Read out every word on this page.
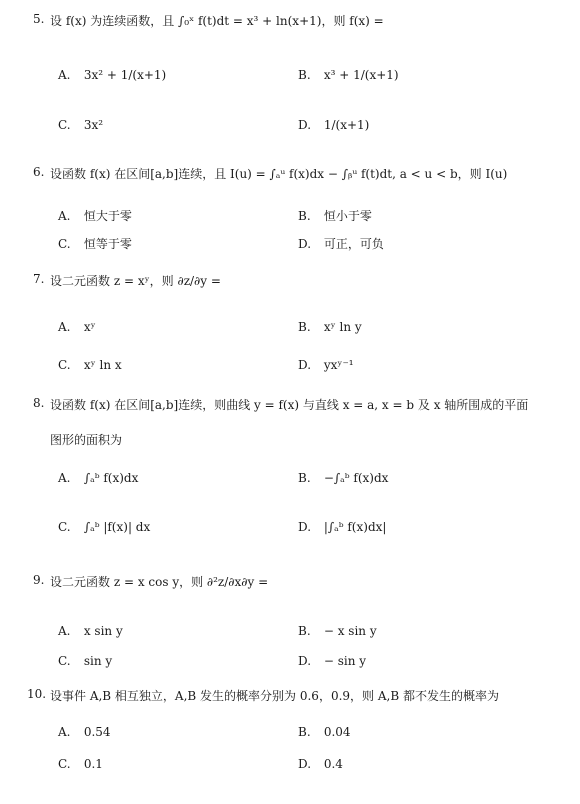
5. 设 f(x) 为连续函数，且 ∫₀ˣ f(t)dt = x³ + ln(x+1)，则 f(x) =
A. 3x² + 1/(x+1)	B. x³ + 1/(x+1)
C. 3x²	D. 1/(x+1)
6. 设函数 f(x) 在区间[a,b]连续，且 I(u) = ∫ₐᵘ f(x)dx − ∫ᵦᵘ f(t)dt, a < u < b，则 I(u)
A. 恒大于零	B. 恒小于零
C. 恒等于零	D. 可正，可负
7. 设二元函数 z = xʸ，则 ∂z/∂y =
A. xʸ	B. xʸ ln y
C. xʸ ln x	D. yxʸ⁻¹
8. 设函数 f(x) 在区间[a,b]连续，则曲线 y = f(x) 与直线 x = a, x = b 及 x 轴所围成的平面
图形的面积为
A. ∫ₐᵇ f(x)dx	B. −∫ₐᵇ f(x)dx
C. ∫ₐᵇ |f(x)| dx	D. |∫ₐᵇ f(x)dx|
9. 设二元函数 z = x cos y，则 ∂²z/∂x∂y =
A. x sin y	B. − x sin y
C. sin y	D. − sin y
10. 设事件 A,B 相互独立，A,B 发生的概率分别为 0.6，0.9，则 A,B 都不发生的概率为
A. 0.54	B. 0.04
C. 0.1	D. 0.4
